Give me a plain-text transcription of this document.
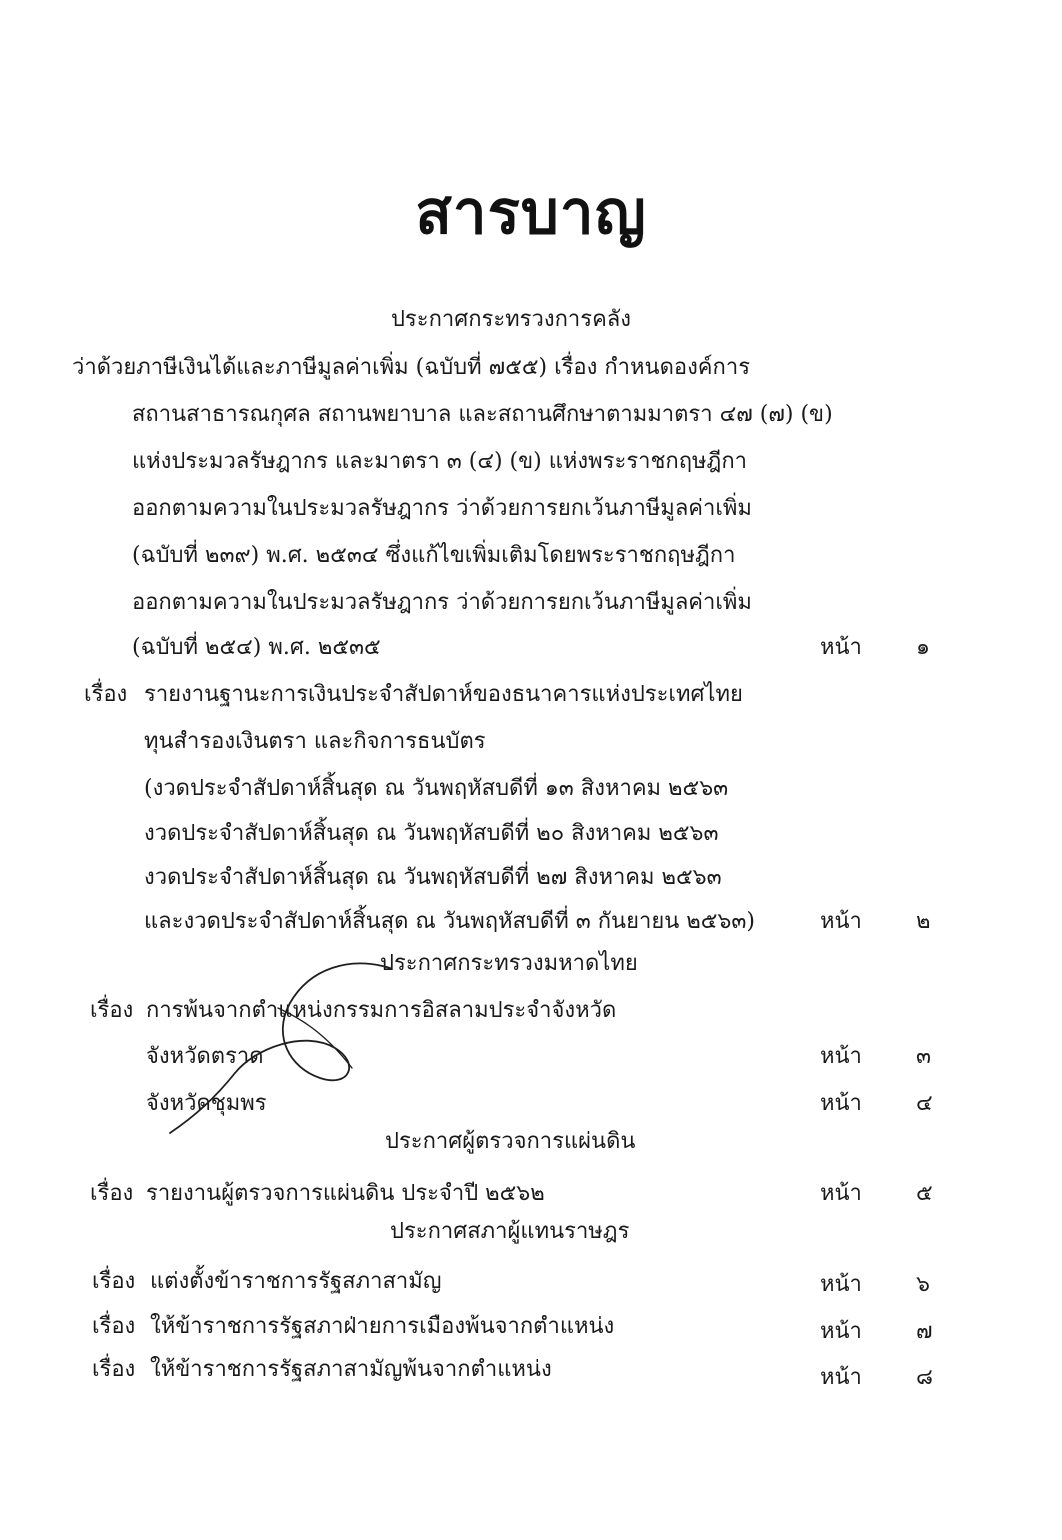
สารบาญ
ประกาศกระทรวงการคลัง
ว่าด้วยภาษีเงินได้และภาษีมูลค่าเพิ่ม (ฉบับที่ ๗๕๕) เรื่อง กำหนดองค์การ
สถานสาธารณกุศล สถานพยาบาล และสถานศึกษาตามมาตรา ๔๗ (๗) (ข)
แห่งประมวลรัษฎากร และมาตรา ๓ (๔) (ข) แห่งพระราชกฤษฎีกา
ออกตามความในประมวลรัษฎากร ว่าด้วยการยกเว้นภาษีมูลค่าเพิ่ม
(ฉบับที่ ๒๓๙) พ.ศ. ๒๕๓๔ ซึ่งแก้ไขเพิ่มเติมโดยพระราชกฤษฎีกา
ออกตามความในประมวลรัษฎากร ว่าด้วยการยกเว้นภาษีมูลค่าเพิ่ม
(ฉบับที่ ๒๕๔) พ.ศ. ๒๕๓๕	หน้า ๑
เรื่อง รายงานฐานะการเงินประจำสัปดาห์ของธนาคารแห่งประเทศไทย
ทุนสำรองเงินตรา และกิจการธนบัตร
(งวดประจำสัปดาห์สิ้นสุด ณ วันพฤหัสบดีที่ ๑๓ สิงหาคม ๒๕๖๓
งวดประจำสัปดาห์สิ้นสุด ณ วันพฤหัสบดีที่ ๒๐ สิงหาคม ๒๕๖๓
งวดประจำสัปดาห์สิ้นสุด ณ วันพฤหัสบดีที่ ๒๗ สิงหาคม ๒๕๖๓
และงวดประจำสัปดาห์สิ้นสุด ณ วันพฤหัสบดีที่ ๓ กันยายน ๒๕๖๓)	หน้า ๒
ประกาศกระทรวงมหาดไทย
เรื่อง การพ้นจากตำแหน่งกรรมการอิสลามประจำจังหวัด
จังหวัดตราด	หน้า ๓
จังหวัดชุมพร	หน้า ๔
ประกาศผู้ตรวจการแผ่นดิน
เรื่อง รายงานผู้ตรวจการแผ่นดิน ประจำปี ๒๕๖๒	หน้า ๕
ประกาศสภาผู้แทนราษฎร
เรื่อง แต่งตั้งข้าราชการรัฐสภาสามัญ	หน้า ๖
เรื่อง ให้ข้าราชการรัฐสภาฝ่ายการเมืองพ้นจากตำแหน่ง	หน้า ๗
เรื่อง ให้ข้าราชการรัฐสภาสามัญพ้นจากตำแหน่ง	หน้า ๘
